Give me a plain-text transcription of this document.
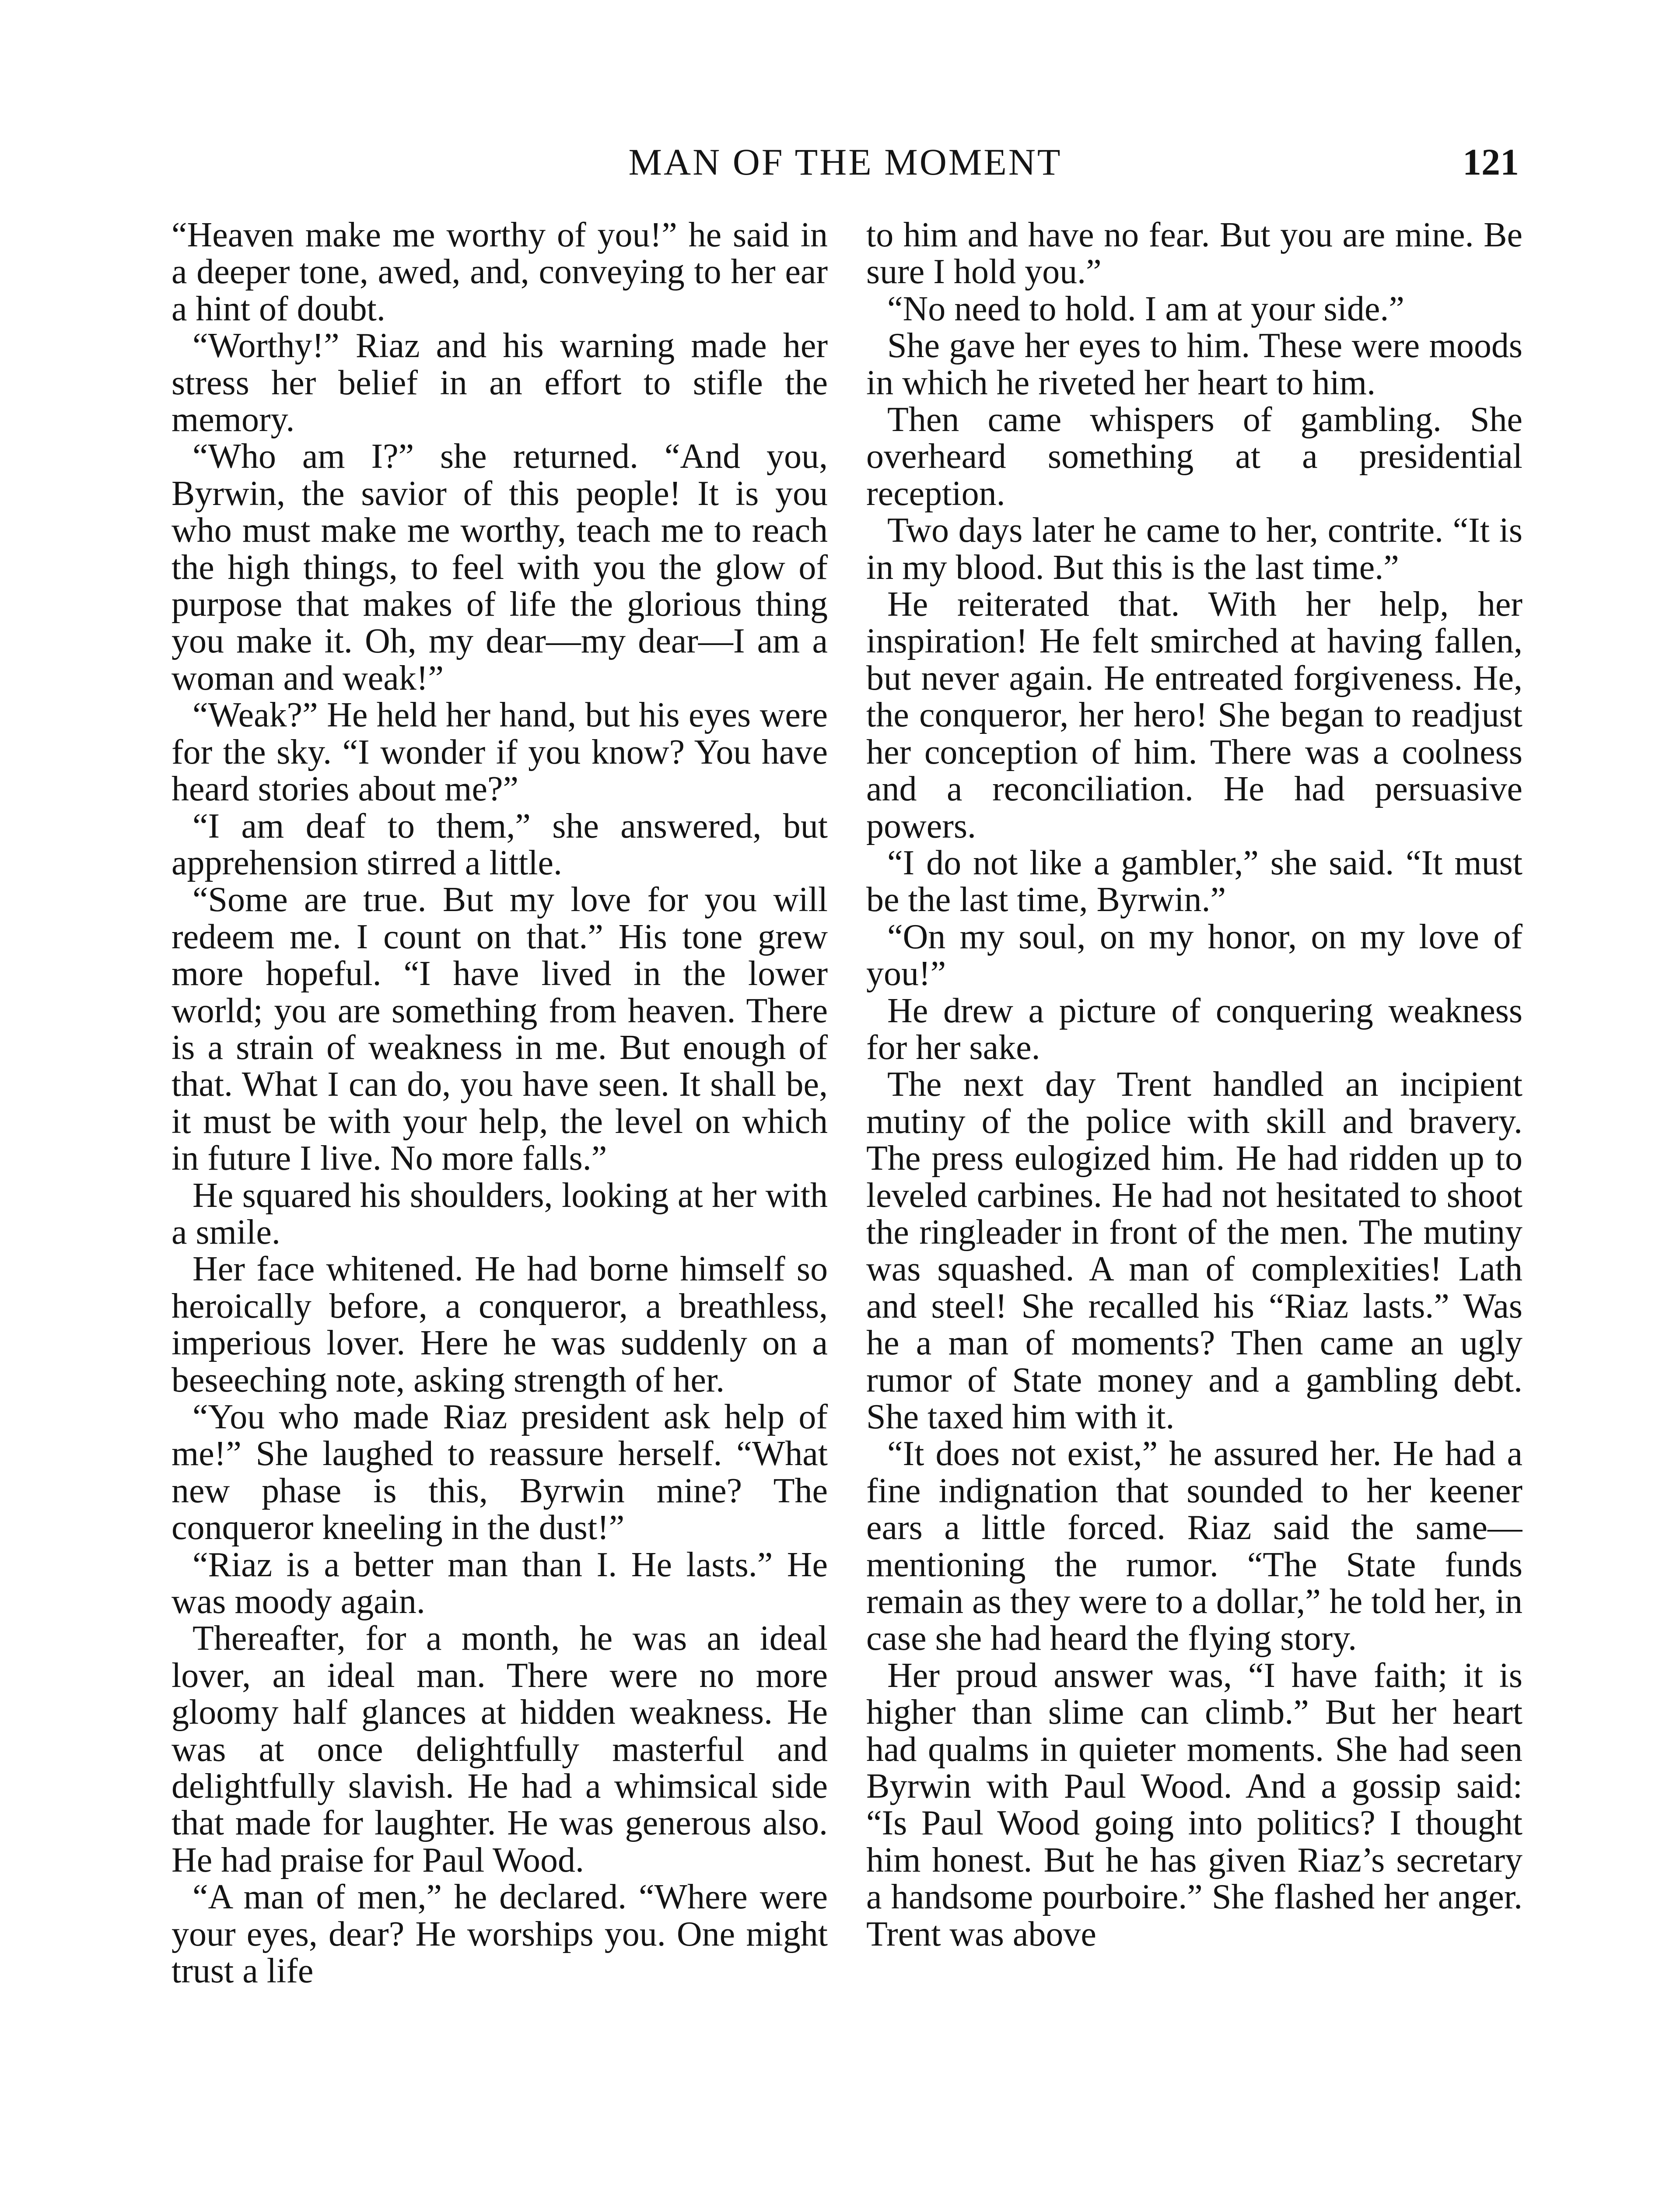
MAN OF THE MOMENT	121

“Heaven make me worthy of you!” he said in a deeper tone, awed, and, conveying to her ear a hint of doubt.

“Worthy!” Riaz and his warning made her stress her belief in an effort to stifle the memory.

“Who am I?” she returned. “And you, Byrwin, the savior of this people! It is you who must make me worthy, teach me to reach the high things, to feel with you the glow of purpose that makes of life the glorious thing you make it. Oh, my dear—my dear—I am a woman and weak!”

“Weak?” He held her hand, but his eyes were for the sky. “I wonder if you know? You have heard stories about me?”

“I am deaf to them,” she answered, but apprehension stirred a little.

“Some are true. But my love for you will redeem me. I count on that.” His tone grew more hopeful. “I have lived in the lower world; you are something from heaven. There is a strain of weakness in me. But enough of that. What I can do, you have seen. It shall be, it must be with your help, the level on which in future I live. No more falls.”

He squared his shoulders, looking at her with a smile.

Her face whitened. He had borne himself so heroically before, a conqueror, a breathless, imperious lover. Here he was suddenly on a beseeching note, asking strength of her.

“You who made Riaz president ask help of me!” She laughed to reassure herself. “What new phase is this, Byrwin mine? The conqueror kneeling in the dust!”

“Riaz is a better man than I. He lasts.” He was moody again.

Thereafter, for a month, he was an ideal lover, an ideal man. There were no more gloomy half glances at hidden weakness. He was at once delightfully masterful and delightfully slavish. He had a whimsical side that made for laughter. He was generous also. He had praise for Paul Wood.

“A man of men,” he declared. “Where were your eyes, dear? He worships you. One might trust a life

to him and have no fear. But you are mine. Be sure I hold you.”

“No need to hold. I am at your side.”

She gave her eyes to him. These were moods in which he riveted her heart to him.

Then came whispers of gambling. She overheard something at a presidential reception.

Two days later he came to her, contrite. “It is in my blood. But this is the last time.”

He reiterated that. With her help, her inspiration! He felt smirched at having fallen, but never again. He entreated forgiveness. He, the conqueror, her hero! She began to readjust her conception of him. There was a coolness and a reconciliation. He had persuasive powers.

“I do not like a gambler,” she said. “It must be the last time, Byrwin.”

“On my soul, on my honor, on my love of you!”

He drew a picture of conquering weakness for her sake.

The next day Trent handled an incipient mutiny of the police with skill and bravery. The press eulogized him. He had ridden up to leveled carbines. He had not hesitated to shoot the ringleader in front of the men. The mutiny was squashed. A man of complexities! Lath and steel! She recalled his “Riaz lasts.” Was he a man of moments? Then came an ugly rumor of State money and a gambling debt. She taxed him with it.

“It does not exist,” he assured her. He had a fine indignation that sounded to her keener ears a little forced. Riaz said the same—mentioning the rumor. “The State funds remain as they were to a dollar,” he told her, in case she had heard the flying story.

Her proud answer was, “I have faith; it is higher than slime can climb.” But her heart had qualms in quieter moments. She had seen Byrwin with Paul Wood. And a gossip said: “Is Paul Wood going into politics? I thought him honest. But he has given Riaz’s secretary a handsome pourboire.” She flashed her anger. Trent was above
